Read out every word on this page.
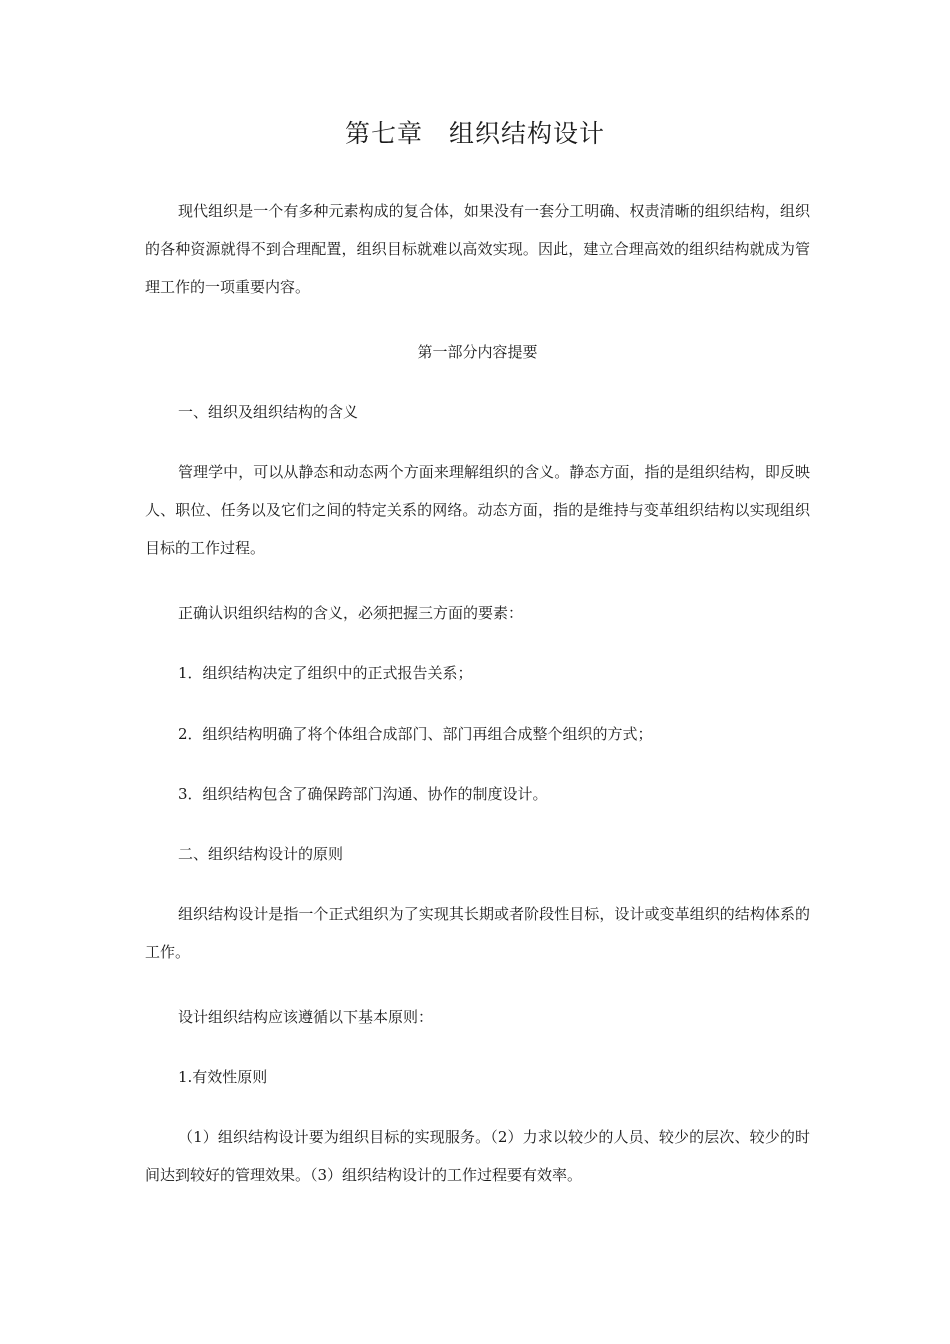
第七章　组织结构设计
现代组织是一个有多种元素构成的复合体，如果没有一套分工明确、权责清晰的组织结构，组织的各种资源就得不到合理配置，组织目标就难以高效实现。因此，建立合理高效的组织结构就成为管理工作的一项重要内容。
第一部分内容提要
一、组织及组织结构的含义
管理学中，可以从静态和动态两个方面来理解组织的含义。静态方面，指的是组织结构，即反映人、职位、任务以及它们之间的特定关系的网络。动态方面，指的是维持与变革组织结构以实现组织目标的工作过程。
正确认识组织结构的含义，必须把握三方面的要素：
1．组织结构决定了组织中的正式报告关系；
2．组织结构明确了将个体组合成部门、部门再组合成整个组织的方式；
3．组织结构包含了确保跨部门沟通、协作的制度设计。
二、组织结构设计的原则
组织结构设计是指一个正式组织为了实现其长期或者阶段性目标，设计或变革组织的结构体系的工作。
设计组织结构应该遵循以下基本原则：
1.有效性原则
（1）组织结构设计要为组织目标的实现服务。（2）力求以较少的人员、较少的层次、较少的时间达到较好的管理效果。（3）组织结构设计的工作过程要有效率。
